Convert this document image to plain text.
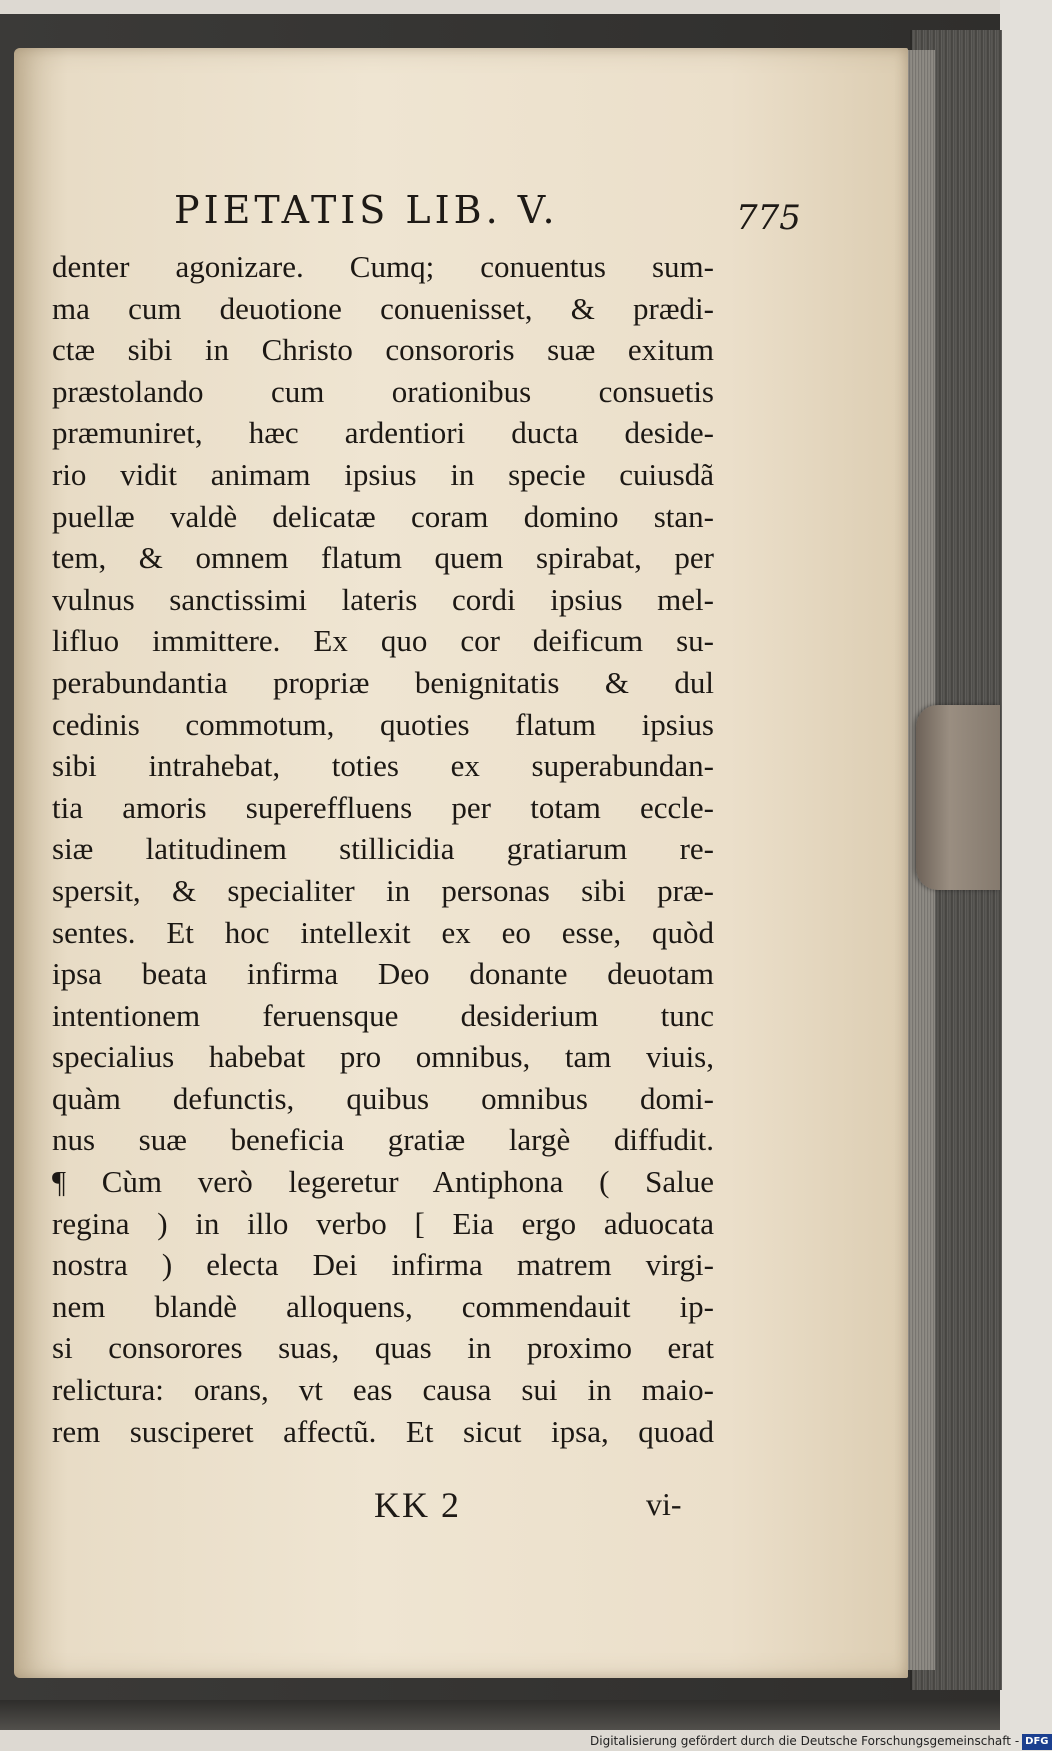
PIETATIS LIB. V.	775
denter agonizare. Cumq; conuentus sum-
ma cum deuotione conuenisset, & prædi-
ctæ sibi in Christo consororis suæ exitum
præstolando cum orationibus consuetis
præmuniret, hæc ardentiori ducta deside-
rio vidit animam ipsius in specie cuiusdã
puellæ valdè delicatæ coram domino stan-
tem, & omnem flatum quem spirabat, per
vulnus sanctissimi lateris cordi ipsius mel-
lifluo immittere. Ex quo cor deificum su-
perabundantia propriæ benignitatis & dul
cedinis commotum, quoties flatum ipsius
sibi intrahebat, toties ex superabundan-
tia amoris supereffluens per totam eccle-
siæ latitudinem stillicidia gratiarum re-
spersit, & specialiter in personas sibi præ-
sentes. Et hoc intellexit ex eo esse, quòd
ipsa beata infirma Deo donante deuotam
intentionem feruensque desiderium tunc
specialius habebat pro omnibus, tam viuis,
quàm defunctis, quibus omnibus domi-
nus suæ beneficia gratiæ largè diffudit.
¶ Cùm verò legeretur Antiphona ( Salue
regina ) in illo verbo [ Eia ergo aduocata
nostra ) electa Dei infirma matrem virgi-
nem blandè alloquens, commendauit ip-
si consorores suas, quas in proximo erat
relictura: orans, vt eas causa sui in maio-
rem susciperet affectũ. Et sicut ipsa, quoad
KK 2	vi-
Digitalisierung gefördert durch die Deutsche Forschungsgemeinschaft - DFG
